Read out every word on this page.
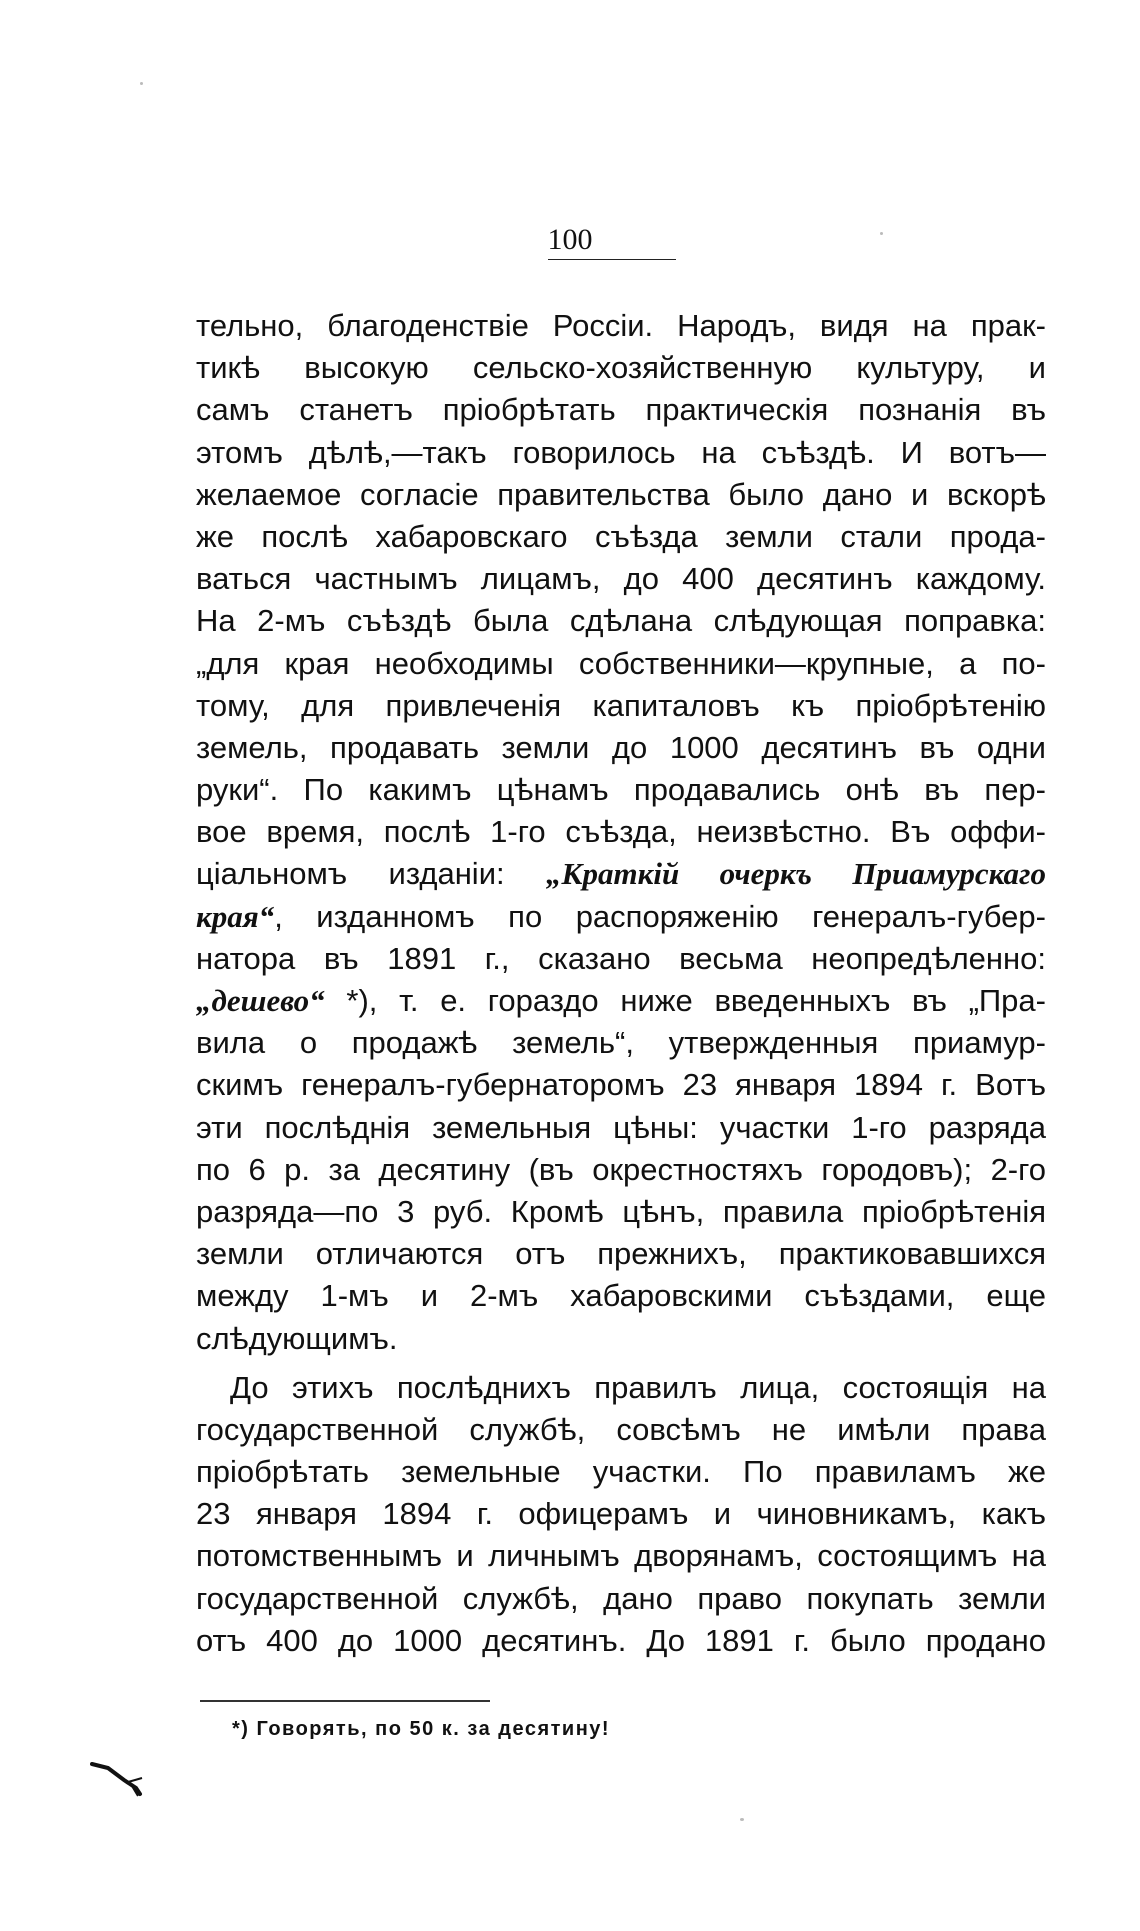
100
тельно, благоденствіе Россіи. Народъ, видя на прак-
тикѣ высокую сельско-хозяйственную культуру, и
самъ станетъ пріобрѣтать практическія познанія въ
этомъ дѣлѣ,—такъ говорилось на съѣздѣ. И вотъ—
желаемое согласіе правительства было дано и вскорѣ
же послѣ хабаровскаго съѣзда земли стали прода-
ваться частнымъ лицамъ, до 400 десятинъ каждому.
На 2-мъ съѣздѣ была сдѣлана слѣдующая поправка:
„для края необходимы собственники—крупные, а по-
тому, для привлеченія капиталовъ къ пріобрѣтенію
земель, продавать земли до 1000 десятинъ въ одни
руки“. По какимъ цѣнамъ продавались онѣ въ пер-
вое время, послѣ 1-го съѣзда, неизвѣстно. Въ оффи-
ціальномъ изданіи: „Краткій очеркъ Приамурскаго
края“, изданномъ по распоряженію генералъ-губер-
натора въ 1891 г., сказано весьма неопредѣленно:
„дешево“ *), т. е. гораздо ниже введенныхъ въ „Пра-
вила о продажѣ земель“, утвержденныя приамур-
скимъ генералъ-губернаторомъ 23 января 1894 г. Вотъ
эти послѣднія земельныя цѣны: участки 1-го разряда
по 6 р. за десятину (въ окрестностяхъ городовъ); 2-го
разряда—по 3 руб. Кромѣ цѣнъ, правила пріобрѣтенія
земли отличаются отъ прежнихъ, практиковавшихся
между 1-мъ и 2-мъ хабаровскими съѣздами, еще
слѣдующимъ.
До этихъ послѣднихъ правилъ лица, состоящія на
государственной службѣ, совсѣмъ не имѣли права
пріобрѣтать земельные участки. По правиламъ же
23 января 1894 г. офицерамъ и чиновникамъ, какъ
потомственнымъ и личнымъ дворянамъ, состоящимъ на
государственной службѣ, дано право покупать земли
отъ 400 до 1000 десятинъ. До 1891 г. было продано
*) Говорять, по 50 к. за десятину!
